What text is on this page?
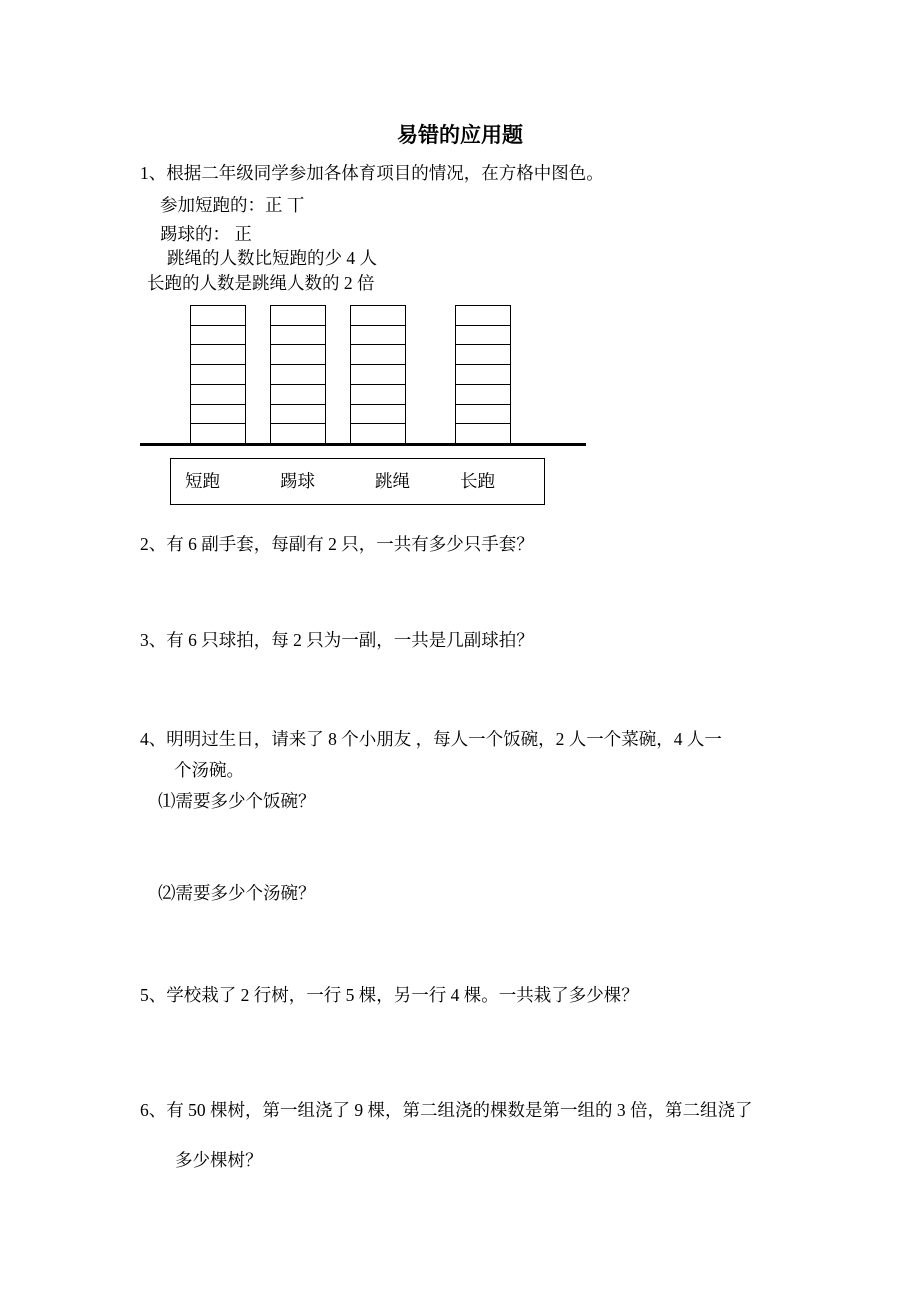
易错的应用题
1、根据二年级同学参加各体育项目的情况，在方格中图色。
参加短跑的：正 丅
踢球的： 正
跳绳的人数比短跑的少 4 人
长跑的人数是跳绳人数的 2 倍
短跑	踢球	跳绳	长跑
2、有 6 副手套，每副有 2 只，一共有多少只手套？
3、有 6 只球拍，每 2 只为一副，一共是几副球拍？
4、明明过生日，请来了 8 个小朋友 ，每人一个饭碗，2 人一个菜碗，4 人一
个汤碗。
⑴需要多少个饭碗？
⑵需要多少个汤碗？
5、学校栽了 2 行树，一行 5 棵，另一行 4 棵。一共栽了多少棵？
6、有 50 棵树，第一组浇了 9 棵，第二组浇的棵数是第一组的 3 倍，第二组浇了
多少棵树？
